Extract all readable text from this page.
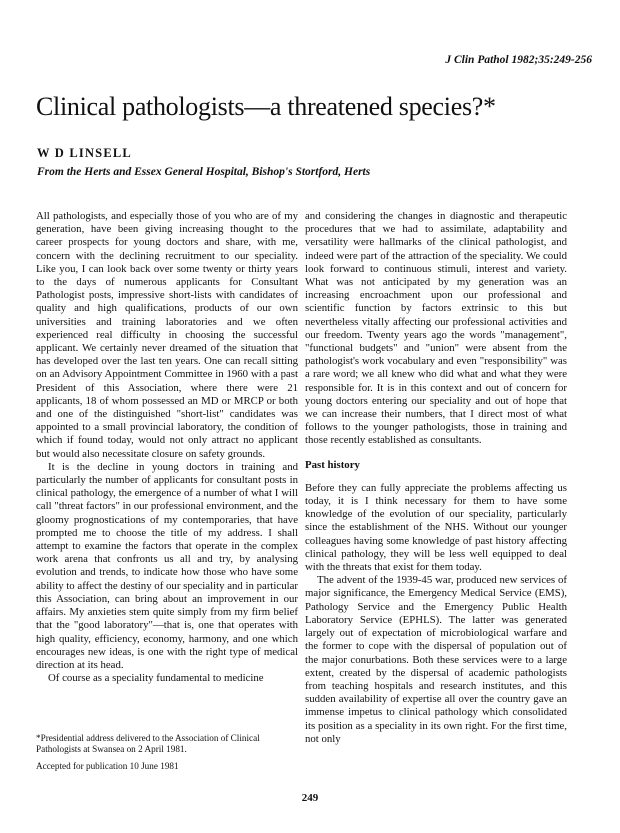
J Clin Pathol 1982;35:249-256
Clinical pathologists—a threatened species?*
W D LINSELL
From the Herts and Essex General Hospital, Bishop's Stortford, Herts

All pathologists, and especially those of you who are of my generation, have been giving increasing thought to the career prospects for young doctors and share, with me, concern with the declining recruitment to our speciality. Like you, I can look back over some twenty or thirty years to the days of numerous applicants for Consultant Pathologist posts, impressive short-lists with candidates of quality and high qualifications, products of our own universities and training laboratories and we often experienced real difficulty in choosing the successful applicant. We certainly never dreamed of the situation that has developed over the last ten years. One can recall sitting on an Advisory Appointment Committee in 1960 with a past President of this Association, where there were 21 applicants, 18 of whom possessed an MD or MRCP or both and one of the distinguished "short-list" candidates was appointed to a small provincial laboratory, the condition of which if found today, would not only attract no applicant but would also necessitate closure on safety grounds.

It is the decline in young doctors in training and particularly the number of applicants for consultant posts in clinical pathology, the emergence of a number of what I will call "threat factors" in our professional environment, and the gloomy prognostications of my contemporaries, that have prompted me to choose the title of my address. I shall attempt to examine the factors that operate in the complex work arena that confronts us all and try, by analysing evolution and trends, to indicate how those who have some ability to affect the destiny of our speciality and in particular this Association, can bring about an improvement in our affairs. My anxieties stem quite simply from my firm belief that the "good laboratory"—that is, one that operates with high quality, efficiency, economy, harmony, and one which encourages new ideas, is one with the right type of medical direction at its head.

Of course as a speciality fundamental to medicine

and considering the changes in diagnostic and therapeutic procedures that we had to assimilate, adaptability and versatility were hallmarks of the clinical pathologist, and indeed were part of the attraction of the speciality. We could look forward to continuous stimuli, interest and variety. What was not anticipated by my generation was an increasing encroachment upon our professional and scientific function by factors extrinsic to this but nevertheless vitally affecting our professional activities and our freedom. Twenty years ago the words "management", "functional budgets" and "union" were absent from the pathologist's work vocabulary and even "responsibility" was a rare word; we all knew who did what and what they were responsible for. It is in this context and out of concern for young doctors entering our speciality and out of hope that we can increase their numbers, that I direct most of what follows to the younger pathologists, those in training and those recently established as consultants.

Past history

Before they can fully appreciate the problems affecting us today, it is I think necessary for them to have some knowledge of the evolution of our speciality, particularly since the establishment of the NHS. Without our younger colleagues having some knowledge of past history affecting clinical pathology, they will be less well equipped to deal with the threats that exist for them today.

The advent of the 1939-45 war, produced new services of major significance, the Emergency Medical Service (EMS), Pathology Service and the Emergency Public Health Laboratory Service (EPHLS). The latter was generated largely out of expectation of microbiological warfare and the former to cope with the dispersal of population out of the major conurbations. Both these services were to a large extent, created by the dispersal of academic pathologists from teaching hospitals and research institutes, and this sudden availability of expertise all over the country gave an immense impetus to clinical pathology which consolidated its position as a speciality in its own right. For the first time, not only

*Presidential address delivered to the Association of Clinical Pathologists at Swansea on 2 April 1981.

Accepted for publication 10 June 1981

249
